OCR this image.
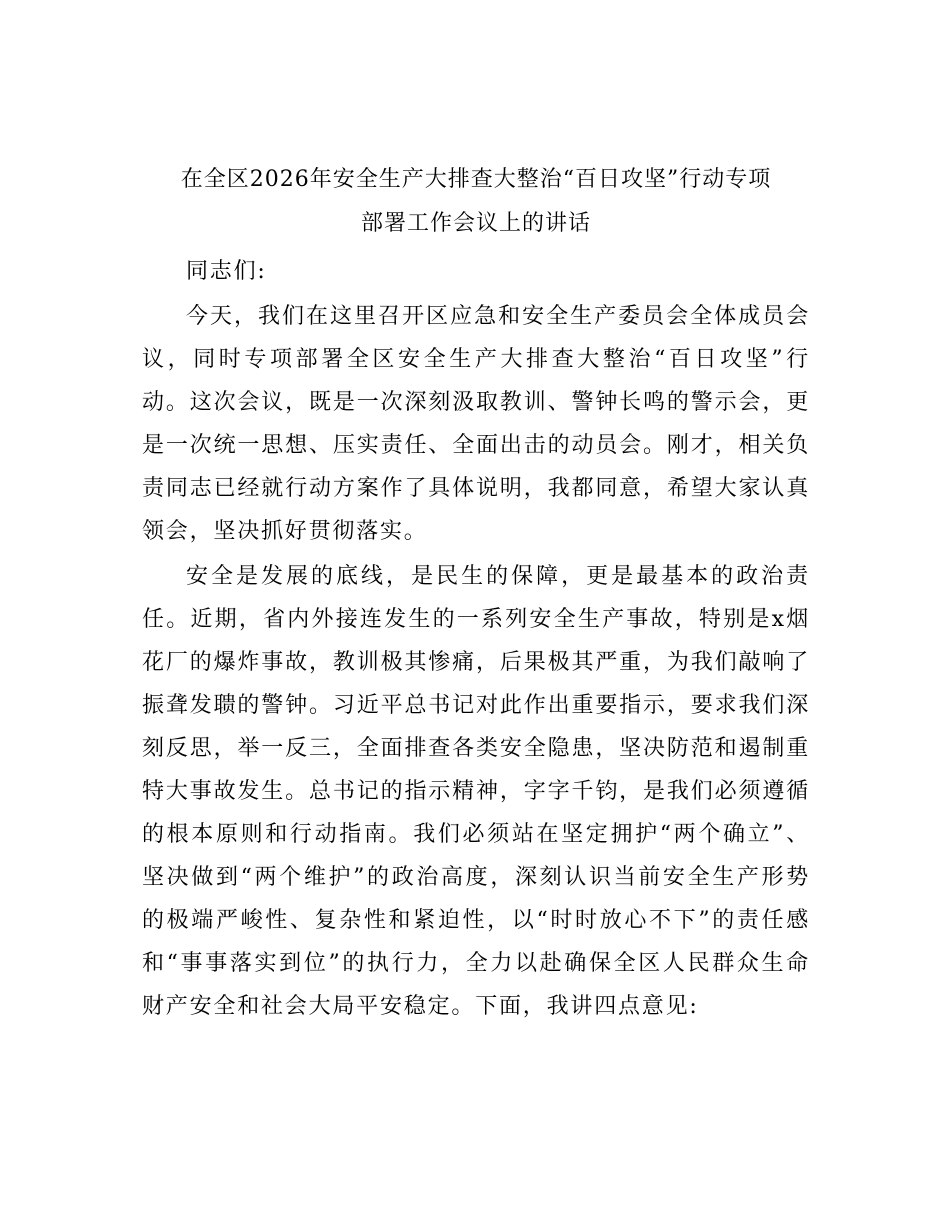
在全区2026年安全生产大排查大整治“百日攻坚”行动专项
部署工作会议上的讲话

同志们:

今天，我们在这里召开区应急和安全生产委员会全体成员会议，同时专项部署全区安全生产大排查大整治“百日攻坚”行动。这次会议，既是一次深刻汲取教训、警钟长鸣的警示会，更是一次统一思想、压实责任、全面出击的动员会。刚才，相关负责同志已经就行动方案作了具体说明，我都同意，希望大家认真领会，坚决抓好贯彻落实。

安全是发展的底线，是民生的保障，更是最基本的政治责任。近期，省内外接连发生的一系列安全生产事故，特别是x烟花厂的爆炸事故，教训极其惨痛，后果极其严重，为我们敲响了振聋发聩的警钟。习近平总书记对此作出重要指示，要求我们深刻反思，举一反三，全面排查各类安全隐患，坚决防范和遏制重特大事故发生。总书记的指示精神，字字千钧，是我们必须遵循的根本原则和行动指南。我们必须站在坚定拥护“两个确立”、坚决做到“两个维护”的政治高度，深刻认识当前安全生产形势的极端严峻性、复杂性和紧迫性，以“时时放心不下”的责任感和“事事落实到位”的执行力，全力以赴确保全区人民群众生命财产安全和社会大局平安稳定。下面，我讲四点意见:
